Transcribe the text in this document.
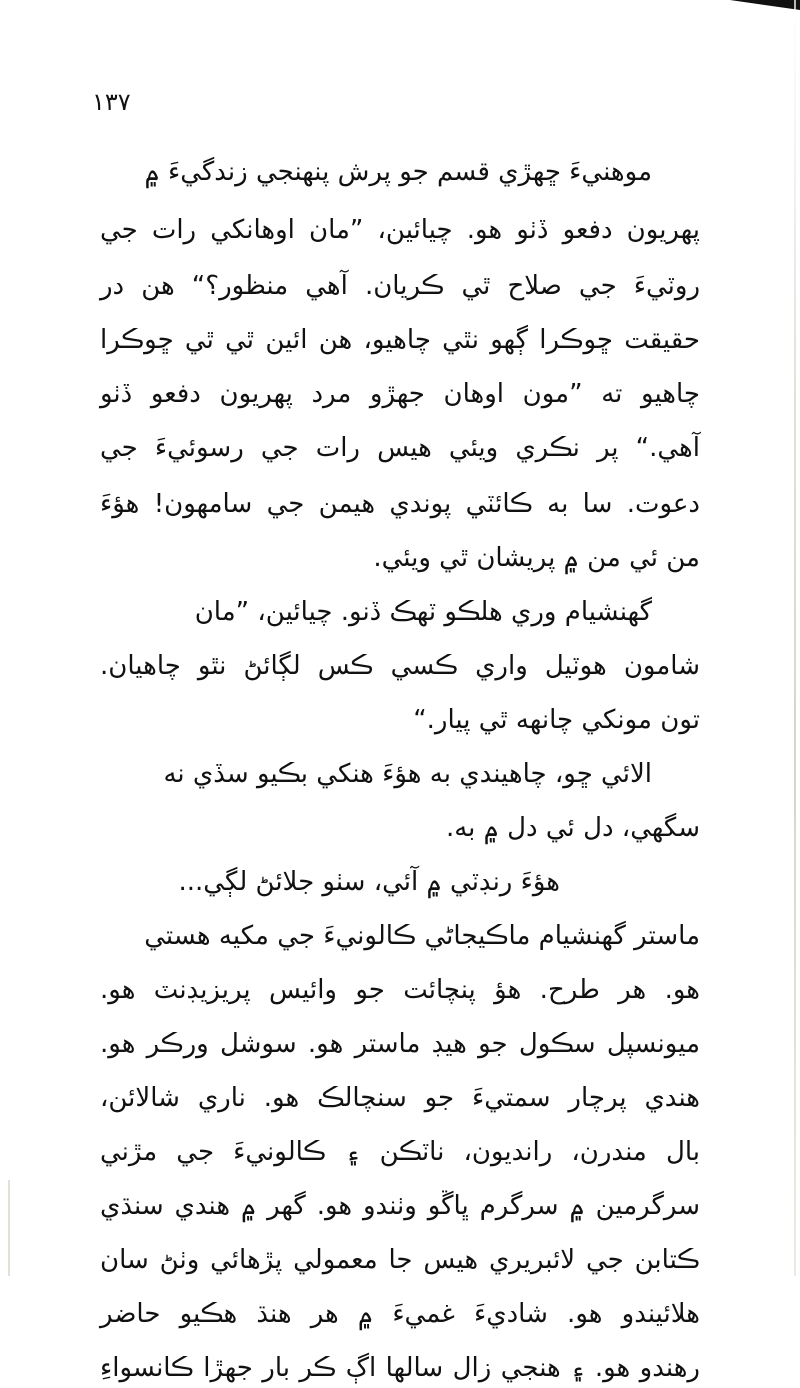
١٣٧
موهنيءَ ڇهڙي قسم جو پرش پنهنجي زندگيءَ ۾
پهريون دفعو ڏٺو هو. چيائين، ”مان اوهانکي رات جي
روٽيءَ جي صلاح ٿي ڪريان. آهي منظور؟“ هن در
حقيقت ڇوڪرا ڳهو نٿي چاهيو، هن ائين ٿي ٿي ڇوڪرا
چاهيو ته ”مون اوهان جهڙو مرد پهريون دفعو ڏٺو
آهي.“ پر نڪري ويئي هيس رات جي رسوئيءَ جي
دعوت. سا به ڪائٽي پوندي هيمن جي سامهون! هؤءَ
من ئي من ۾ پريشان ٿي ويئي.
گهنشيام وري هلڪو ٽهڪ ڏنو. چيائين، ”مان
شامون هوٽيل واري ڪسي ڪس لڳائڻ نٿو چاهيان.
تون مونکي چانهه ٿي پيار.“
الائي ڇو، چاهيندي به هؤءَ هنکي بڪيو سڏي نه
سگهي، دل ئي دل ۾ به.
هؤءَ رنڊٽي ۾ آئي، سٺو جلائڻ لڳي...
ماستر گهنشيام ماڪيجاڻي ڪالونيءَ جي مکيه هستي
هو. هر طرح. هؤ پنچائت جو وائيس پريزيڊنٽ هو.
ميونسپل سڪول جو هيڊ ماستر هو. سوشل ورڪر هو.
هندي پرچار سمتيءَ جو سنچالڪ هو. ناري شالائن،
بال مندرن، رانديون، ناٽڪن ۽ ڪالونيءَ جي مڙني
سرگرمين ۾ سرگرم ڀاڱو وٺندو هو. گهر ۾ هندي سنڌي
ڪتابن جي لائبريري هيس جا معمولي پڙهائي وٺڻ سان
هلائيندو هو. شاديءَ غميءَ ۾ هر هنڌ هڪيو حاضر
رهندو هو. ۽ هنجي زال سالها اڳ ڪر بار جهڙا ڪانسواءِ
